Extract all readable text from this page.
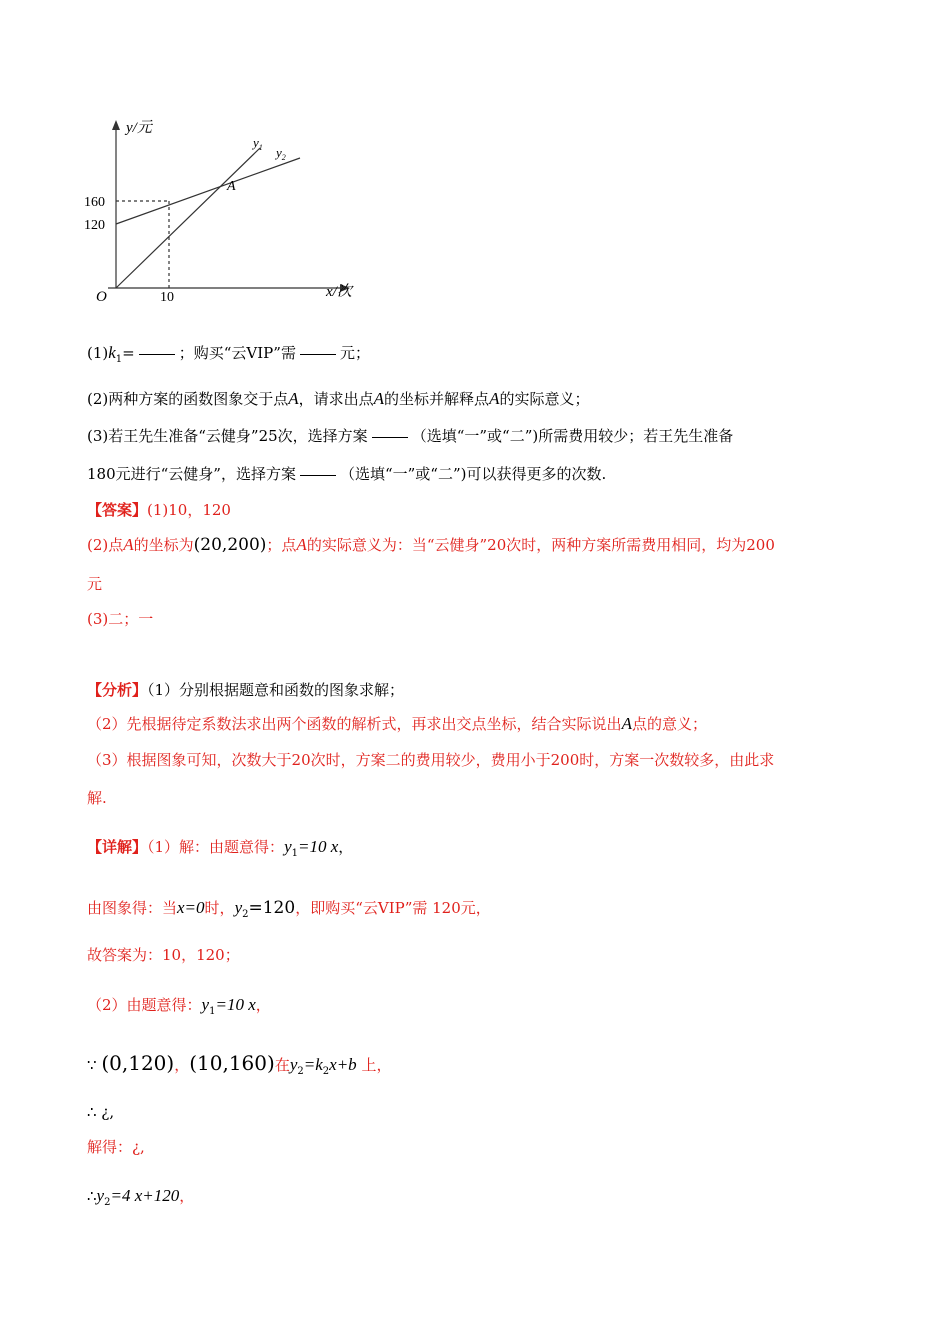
y/元
x/次
$y_1$ $y_2$
A
O
160
120
10
$(1)k_1=$	；购买“云VIP”需	元；
(2)两种方案的函数图象交于点A，请求出点A的坐标并解释点A的实际意义；
(3)若王先生准备“云健身”25次，选择方案	（选填“一”或“二”)所需费用较少；若王先生准备
180元进行“云健身”，选择方案	（选填“一”或“二”)可以获得更多的次数.
【答案】(1)10，120
(2)点A的坐标为(20,200)；点A的实际意义为：当“云健身”20次时，两种方案所需费用相同，均为200
元
(3)二；一
【分析】（1）分别根据题意和函数的图象求解；
（2）先根据待定系数法求出两个函数的解析式，再求出交点坐标，结合实际说出A点的意义；
（3）根据图象可知，次数大于20次时，方案二的费用较少，费用小于200时，方案一次数较多，由此求
解.
【详解】（1）解：由题意得：$y_1=10$ x，
由图象得：当x=0时，$y_2=120$，即购买“云VIP”需 120元，
故答案为：10，120；
（2）由题意得：$y_1=10$ x，
∵ (0,120)，(10,160)在$y_2=k_2x+b$ 上，
∴ ¿,
解得：¿,
$\therefore y_2=4$ x+120，
